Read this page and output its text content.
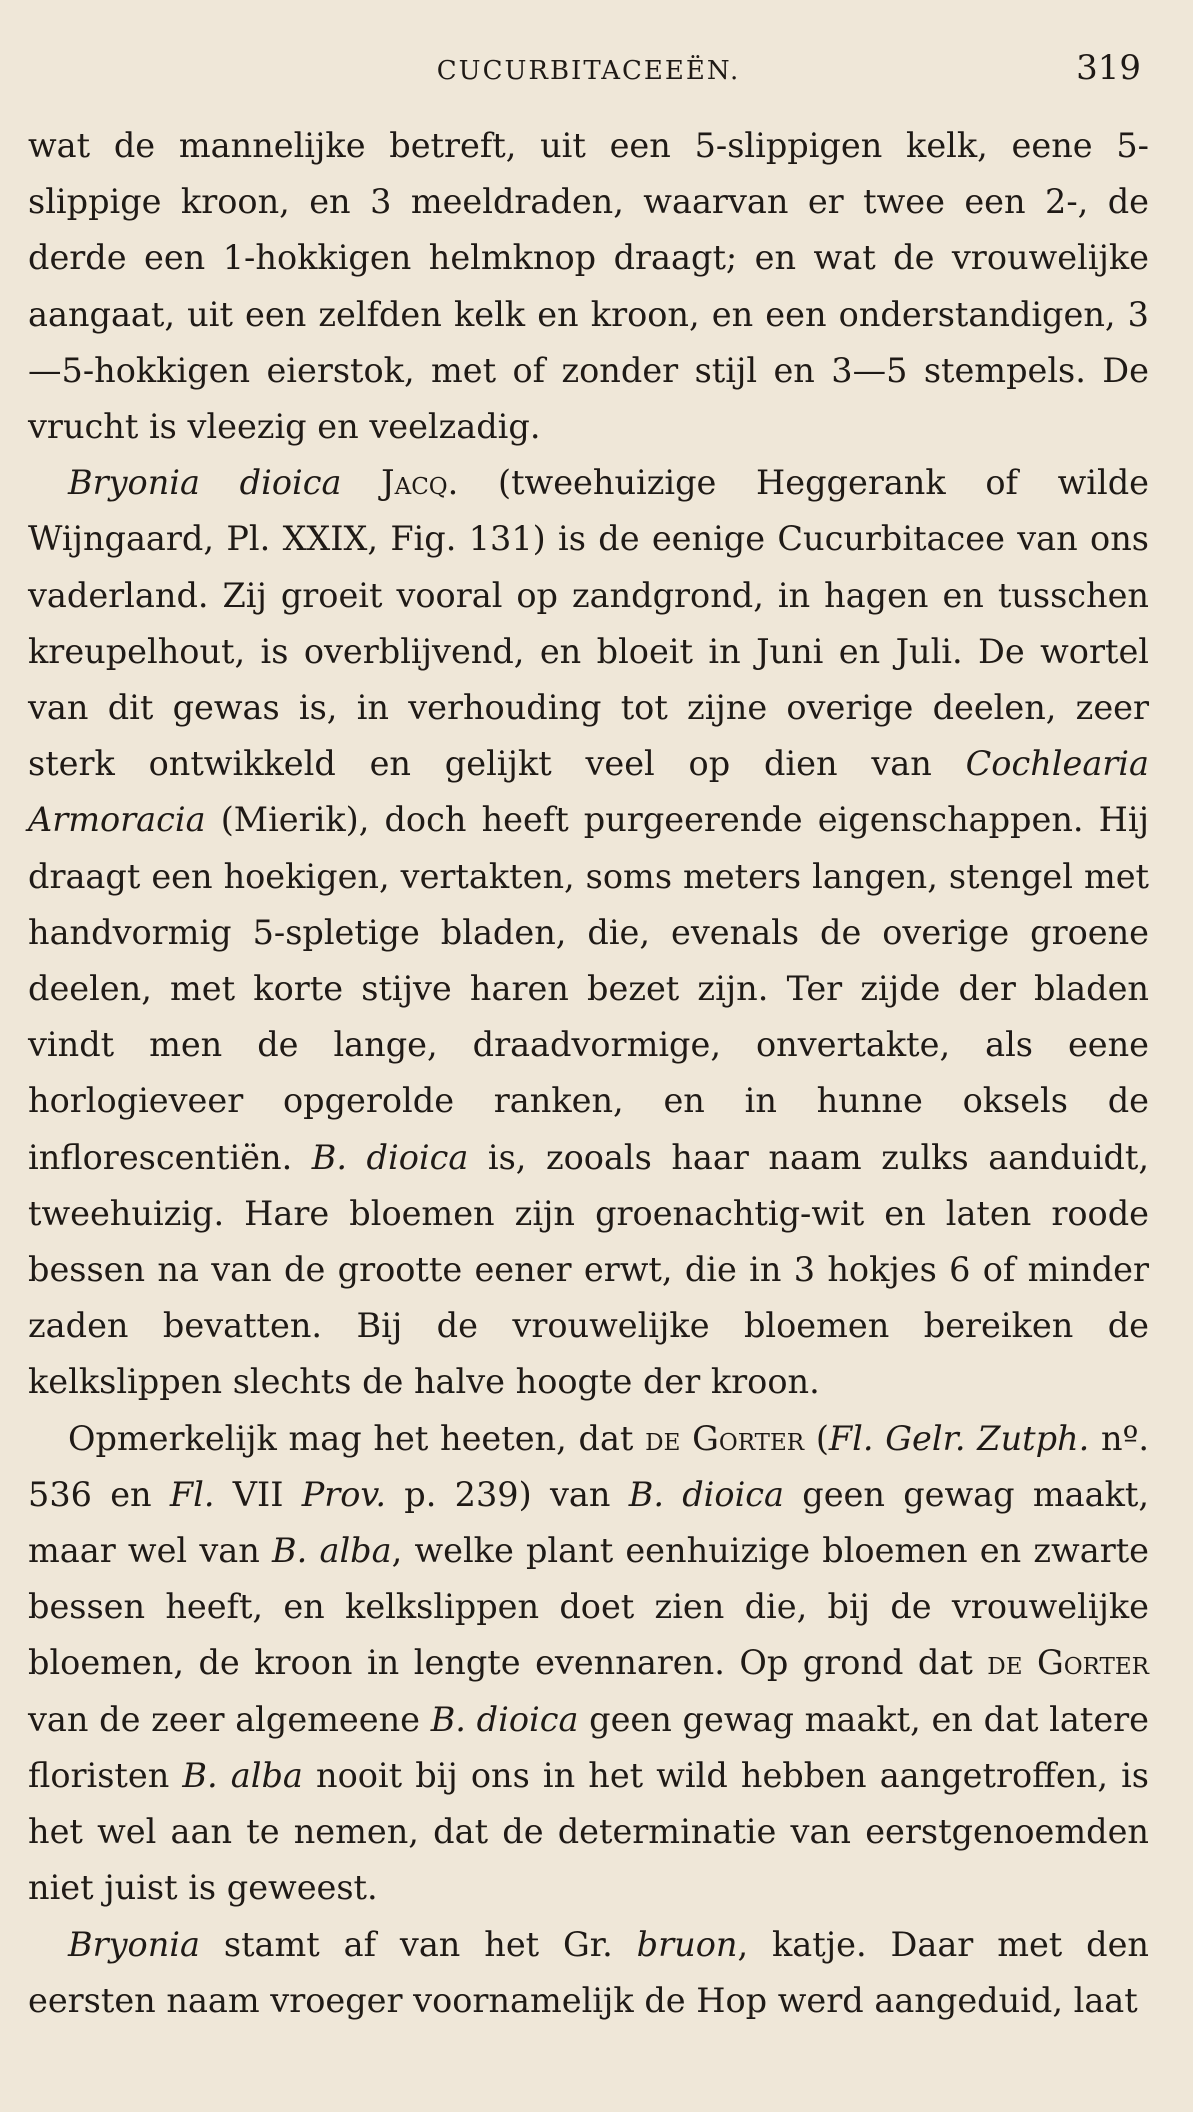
CUCURBITACEEËN.	319

wat de mannelijke betreft, uit een 5-slippigen kelk, eene 5-slippige kroon, en 3 meeldraden, waarvan er twee een 2-, de derde een 1-hokkigen helmknop draagt; en wat de vrouwelijke aangaat, uit een zelfden kelk en kroon, en een onderstandigen, 3—5-hokkigen eierstok, met of zonder stijl en 3—5 stempels. De vrucht is vleezig en veelzadig.

Bryonia dioica Jacq. (tweehuizige Heggerank of wilde Wijngaard, Pl. XXIX, Fig. 131) is de eenige Cucurbitacee van ons vaderland. Zij groeit vooral op zandgrond, in hagen en tusschen kreupelhout, is overblijvend, en bloeit in Juni en Juli. De wortel van dit gewas is, in verhouding tot zijne overige deelen, zeer sterk ontwikkeld en gelijkt veel op dien van Cochlearia Armoracia (Mierik), doch heeft purgeerende eigenschappen. Hij draagt een hoekigen, vertakten, soms meters langen, stengel met handvormig 5-spletige bladen, die, evenals de overige groene deelen, met korte stijve haren bezet zijn. Ter zijde der bladen vindt men de lange, draadvormige, onvertakte, als eene horlogieveer opgerolde ranken, en in hunne oksels de inflorescentiën. B. dioica is, zooals haar naam zulks aanduidt, tweehuizig. Hare bloemen zijn groenachtig-wit en laten roode bessen na van de grootte eener erwt, die in 3 hokjes 6 of minder zaden bevatten. Bij de vrouwelijke bloemen bereiken de kelkslippen slechts de halve hoogte der kroon.

Opmerkelijk mag het heeten, dat de Gorter (Fl. Gelr. Zutph. nº. 536 en Fl. VII Prov. p. 239) van B. dioica geen gewag maakt, maar wel van B. alba, welke plant eenhuizige bloemen en zwarte bessen heeft, en kelkslippen doet zien die, bij de vrouwelijke bloemen, de kroon in lengte evennaren. Op grond dat de Gorter van de zeer algemeene B. dioica geen gewag maakt, en dat latere floristen B. alba nooit bij ons in het wild hebben aangetroffen, is het wel aan te nemen, dat de determinatie van eerstgenoemden niet juist is geweest.

Bryonia stamt af van het Gr. bruon, katje. Daar met den eersten naam vroeger voornamelijk de Hop werd aangeduid, laat
